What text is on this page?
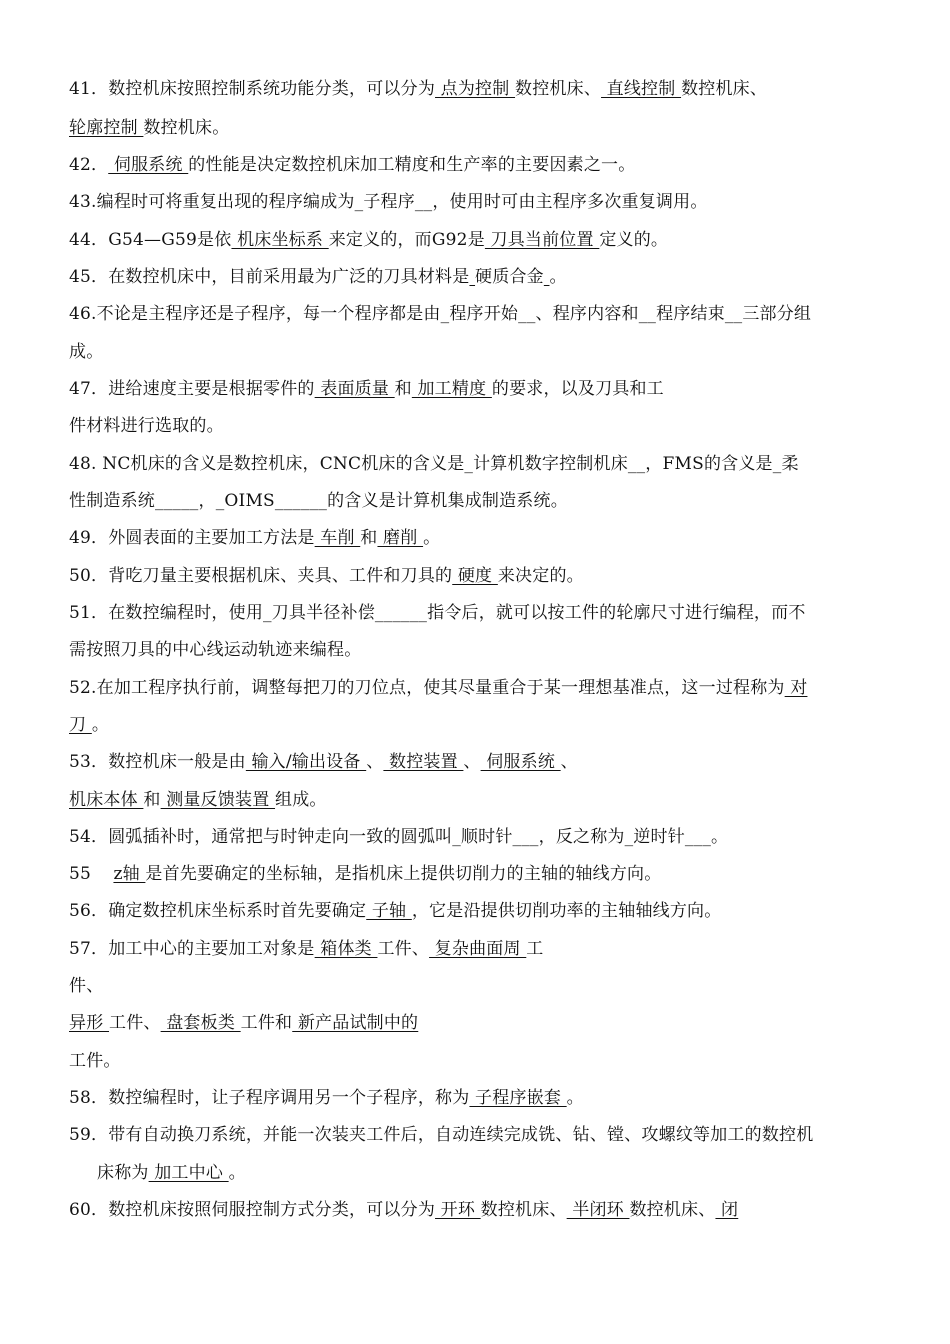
41．数控机床按照控制系统功能分类，可以分为 点为控制 数控机床、 直线控制 数控机床、
轮廓控制 数控机床。
42． 伺服系统 的性能是决定数控机床加工精度和生产率的主要因素之一。
43.编程时可将重复出现的程序编成为_子程序__，使用时可由主程序多次重复调用。
44．G54—G59是依 机床坐标系 来定义的，而G92是 刀具当前位置 定义的。
45．在数控机床中，目前采用最为广泛的刀具材料是 硬质合金 。
46.不论是主程序还是子程序，每一个程序都是由_程序开始__、程序内容和__程序结束__三部分组
成。
47．进给速度主要是根据零件的 表面质量 和 加工精度 的要求，以及刀具和工
件材料进行选取的。
48. NC机床的含义是数控机床，CNC机床的含义是_计算机数字控制机床__，FMS的含义是_柔
性制造系统_____，_OIMS______的含义是计算机集成制造系统。
49．外圆表面的主要加工方法是 车削 和 磨削 。
50．背吃刀量主要根据机床、夹具、工件和刀具的 硬度 来决定的。
51．在数控编程时，使用_刀具半径补偿______指令后，就可以按工件的轮廓尺寸进行编程，而不
需按照刀具的中心线运动轨迹来编程。
52.在加工程序执行前，调整每把刀的刀位点，使其尽量重合于某一理想基准点，这一过程称为 对
刀 。
53．数控机床一般是由 输入/输出设备 、 数控装置 、 伺服系统 、
机床本体 和 测量反馈装置 组成。
54．圆弧插补时，通常把与时钟走向一致的圆弧叫_顺时针___，反之称为_逆时针___。
55    z轴 是首先要确定的坐标轴，是指机床上提供切削力的主轴的轴线方向。
56．确定数控机床坐标系时首先要确定 子轴 ，它是沿提供切削功率的主轴轴线方向。
57．加工中心的主要加工对象是 箱体类 工件、 复杂曲面周 工
件、
异形 工件、 盘套板类 工件和 新产品试制中的
工件。
58．数控编程时，让子程序调用另一个子程序，称为 子程序嵌套 。
59．带有自动换刀系统，并能一次装夹工件后，自动连续完成铣、钻、镗、攻螺纹等加工的数控机
床称为 加工中心 。
60．数控机床按照伺服控制方式分类，可以分为 开环 数控机床、 半闭环 数控机床、 闭
